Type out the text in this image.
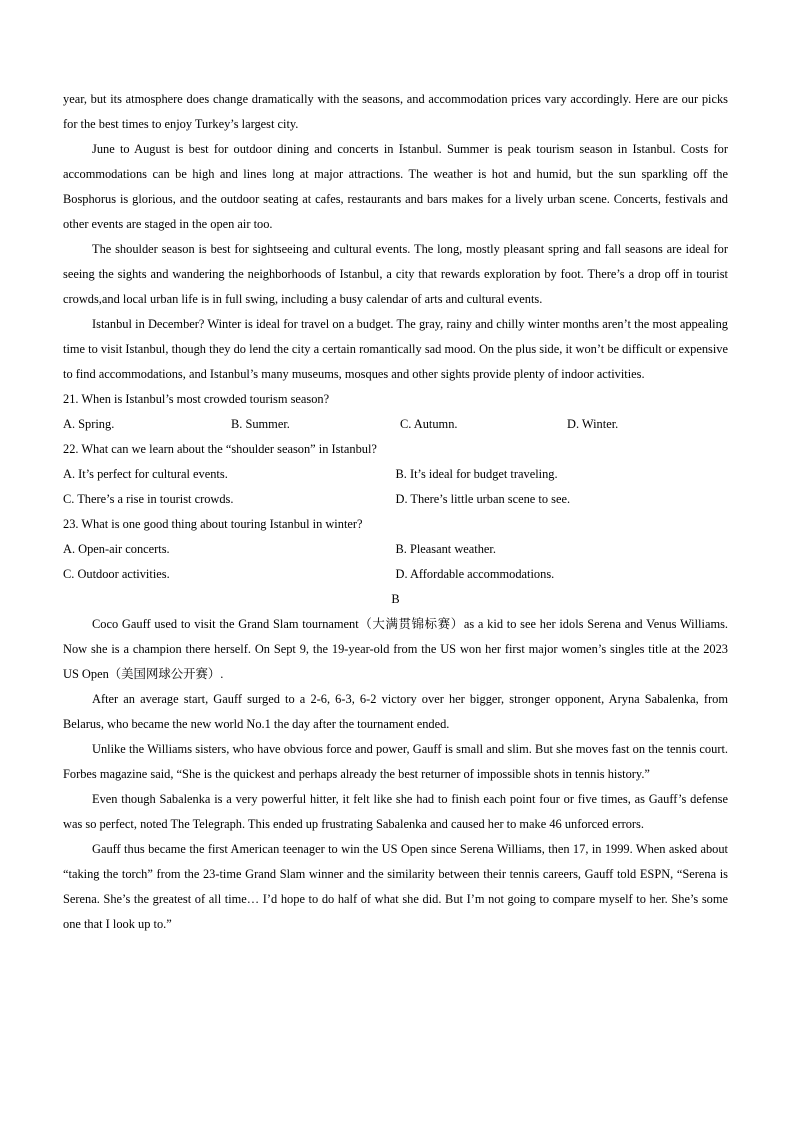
year, but its atmosphere does change dramatically with the seasons, and accommodation prices vary accordingly. Here are our picks for the best times to enjoy Turkey’s largest city.

June to August is best for outdoor dining and concerts in Istanbul. Summer is peak tourism season in Istanbul. Costs for accommodations can be high and lines long at major attractions. The weather is hot and humid, but the sun sparkling off the Bosphorus is glorious, and the outdoor seating at cafes, restaurants and bars makes for a lively urban scene. Concerts, festivals and other events are staged in the open air too.

The shoulder season is best for sightseeing and cultural events. The long, mostly pleasant spring and fall seasons are ideal for seeing the sights and wandering the neighborhoods of Istanbul, a city that rewards exploration by foot. There’s a drop off in tourist crowds,and local urban life is in full swing, including a busy calendar of arts and cultural events.

Istanbul in December? Winter is ideal for travel on a budget. The gray, rainy and chilly winter months aren’t the most appealing time to visit Istanbul, though they do lend the city a certain romantically sad mood. On the plus side, it won’t be difficult or expensive to find accommodations, and Istanbul’s many museums, mosques and other sights provide plenty of indoor activities.

21. When is Istanbul’s most crowded tourism season?

A. Spring.	B. Summer.	C. Autumn.	D. Winter.

22. What can we learn about the “shoulder season” in Istanbul?

A. It’s perfect for cultural events.	B. It’s ideal for budget traveling.
C. There’s a rise in tourist crowds.	D. There’s little urban scene to see.

23. What is one good thing about touring Istanbul in winter?

A. Open-air concerts.	B. Pleasant weather.
C. Outdoor activities.	D. Affordable accommodations.

B

Coco Gauff used to visit the Grand Slam tournament（大满贯锦标赛）as a kid to see her idols Serena and Venus Williams. Now she is a champion there herself. On Sept 9, the 19-year-old from the US won her first major women’s singles title at the 2023 US Open（美国网球公开赛）.

After an average start, Gauff surged to a 2-6, 6-3, 6-2 victory over her bigger, stronger opponent, Aryna Sabalenka, from Belarus, who became the new world No.1 the day after the tournament ended.

Unlike the Williams sisters, who have obvious force and power, Gauff is small and slim. But she moves fast on the tennis court. Forbes magazine said, “She is the quickest and perhaps already the best returner of impossible shots in tennis history.”

Even though Sabalenka is a very powerful hitter, it felt like she had to finish each point four or five times, as Gauff’s defense was so perfect, noted The Telegraph. This ended up frustrating Sabalenka and caused her to make 46 unforced errors.

Gauff thus became the first American teenager to win the US Open since Serena Williams, then 17, in 1999. When asked about “taking the torch” from the 23-time Grand Slam winner and the similarity between their tennis careers, Gauff told ESPN, “Serena is Serena. She’s the greatest of all time… I’d hope to do half of what she did. But I’m not going to compare myself to her. She’s some one that I look up to.”
